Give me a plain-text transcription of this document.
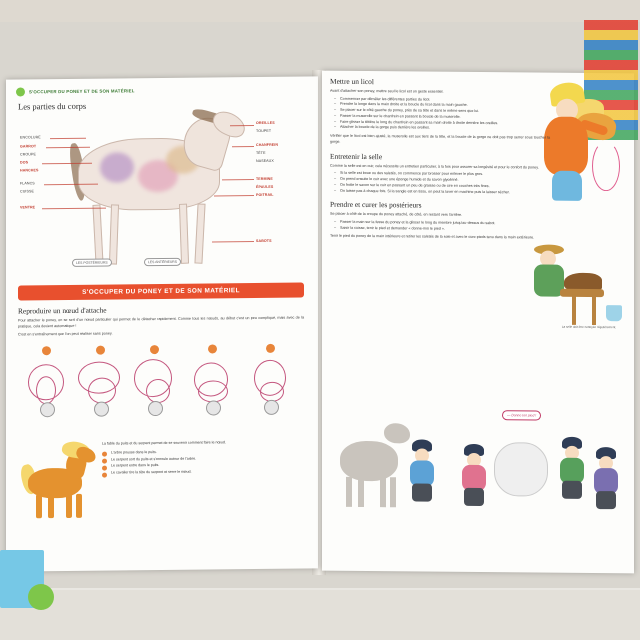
S'OCCUPER DU PONEY ET DE SON MATÉRIEL
Les parties du corps
ENCOLURE
GARROT
CROUPE
DOS
HANCHES
FLANCS
CUISSE
VENTRE
OREILLES
TOUPET
CHANFREIN
TÊTE
NASEAUX
TERMINE
ÉPAULES
POITRAIL
SABOTS
LES POSTÉRIEURS	LES ANTÉRIEURS
S'OCCUPER DU PONEY ET DE SON MATÉRIEL
Reproduire un nœud d'attache
Pour attacher le poney, on se sert d'un nœud particulier qui permet de le détacher rapidement. Comme tous les nœuds, au début c'est un peu compliqué, mais avec de la pratique, cela devient automatique !
C'est en s'entraînement que l'on peut réaliser sans poney.
La fable du puits et du serpent permet de se souvenir comment faire le nœud.
L'arbre pousse dans le puits.
Le serpent sort du puits et s'enroule autour de l'arbre.
Le serpent entre dans le puits.
Le cavalier tire la tête du serpent et serre le nœud.
La selle doit être nettoyée régulièrement.
Mettre un licol
Avant d'attacher son poney, mettre seul le licol est un geste essentiel.
– Commencer par démêler les différentes parties du licol.
– Prendre la longe dans la main droite et la boucle du licol dans la main gauche.
– Se placer sur le côté gauche du poney, près de sa tête et dans le même sens que lui.
– Passer la muserolle sur le chanfrein en passant la boucle de la muserolle.
– Faire glisser la têtière le long du chanfrein en passant sa main droite à droite derrière les oreilles.
– Attacher la boucle de la gorge puis derrière les oreilles.
Vérifier que le licol est bien ajusté, la muserolle est aux tiers de la tête, et la boucle de la gorge ne doit pas trop serrer sous toucher la gorge.
Entretenir la selle
Comme la selle est en cuir, cela nécessite un entretien particulier, à la fois pour assurer sa longévité et pour le confort du poney.
– Si la selle est boue ou des saletés, on commence par brosser pour enlever le plus gros.
– On prend ensuite le cuir avec une éponge humide et du savon glycériné.
– On frotte le savon sur le cuir en passant un peu de graisse ou de cire en couches très fines.
– On laisse pas à chaque fois. Si la sangle est en tissu, on peut la laver en machine puis la laisser sécher.
Prendre et curer les postérieurs
Se placer à côté de la croupe du poney attaché, de côté, en restant vers l'arrière.
– Passer la main sur la fesse du poney et la glisser le long du membre jusqu'au-dessus du sabot.
– Saisir la cuisse, tenir le pied et demander « donne-moi le pied ».
Tenir le pied du poney de la main intérieure et retirer les saletés de la sole et avec le cure-pieds tenu dans la main extérieure.
— Donne ton pied !
